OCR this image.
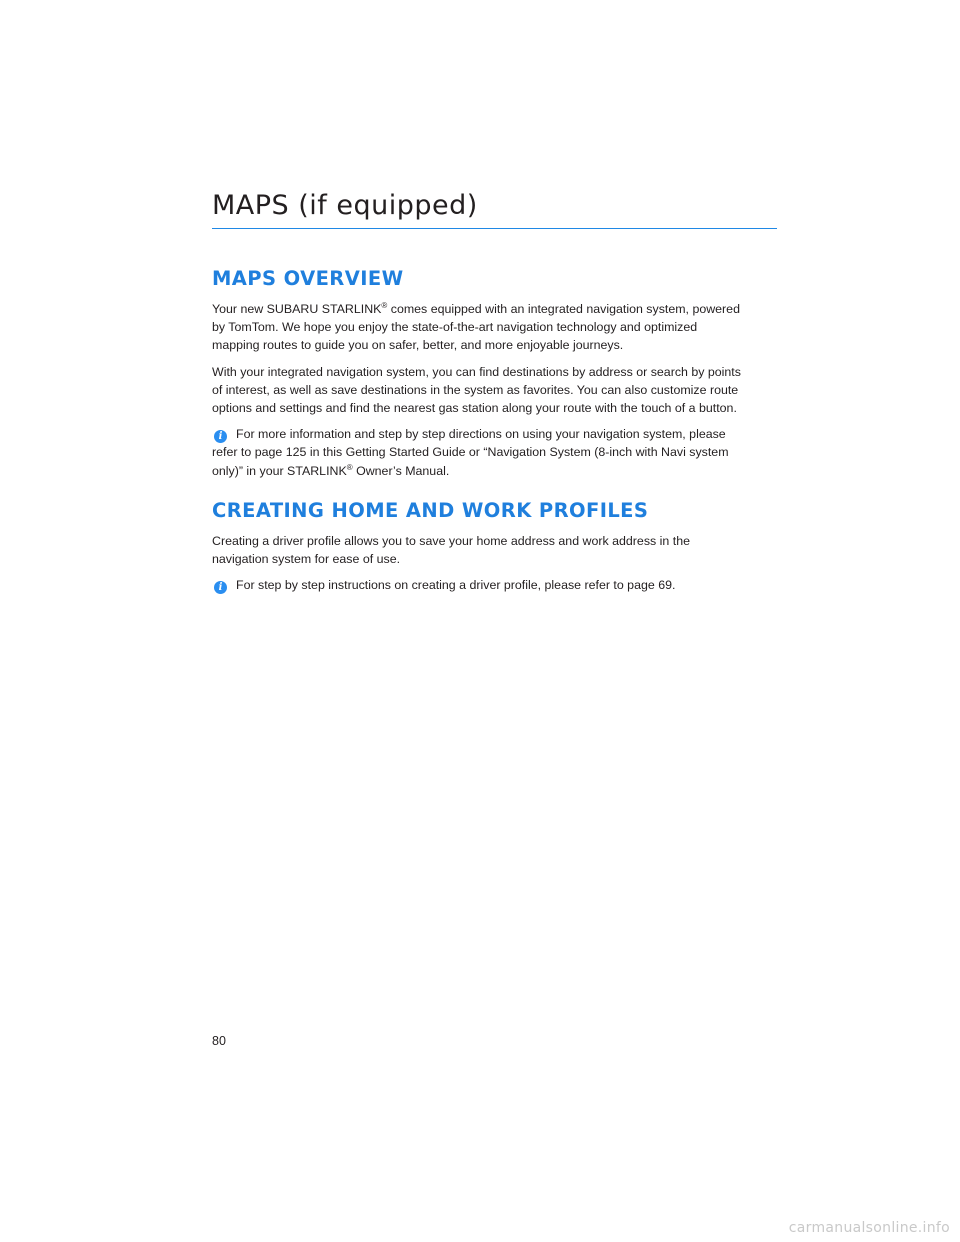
MAPS (if equipped)
MAPS OVERVIEW

Your new SUBARU STARLINK® comes equipped with an integrated navigation system, powered by TomTom. We hope you enjoy the state-of-the-art navigation technology and optimized mapping routes to guide you on safer, better, and more enjoyable journeys.

With your integrated navigation system, you can find destinations by address or search by points of interest, as well as save destinations in the system as favorites. You can also customize route options and settings and find the nearest gas station along your route with the touch of a button.

i For more information and step by step directions on using your navigation system, please refer to page 125 in this Getting Started Guide or “Navigation System (8-inch with Navi system only)” in your STARLINK® Owner’s Manual.

CREATING HOME AND WORK PROFILES

Creating a driver profile allows you to save your home address and work address in the navigation system for ease of use.

i For step by step instructions on creating a driver profile, please refer to page 69.

80
carmanualsonline.info
